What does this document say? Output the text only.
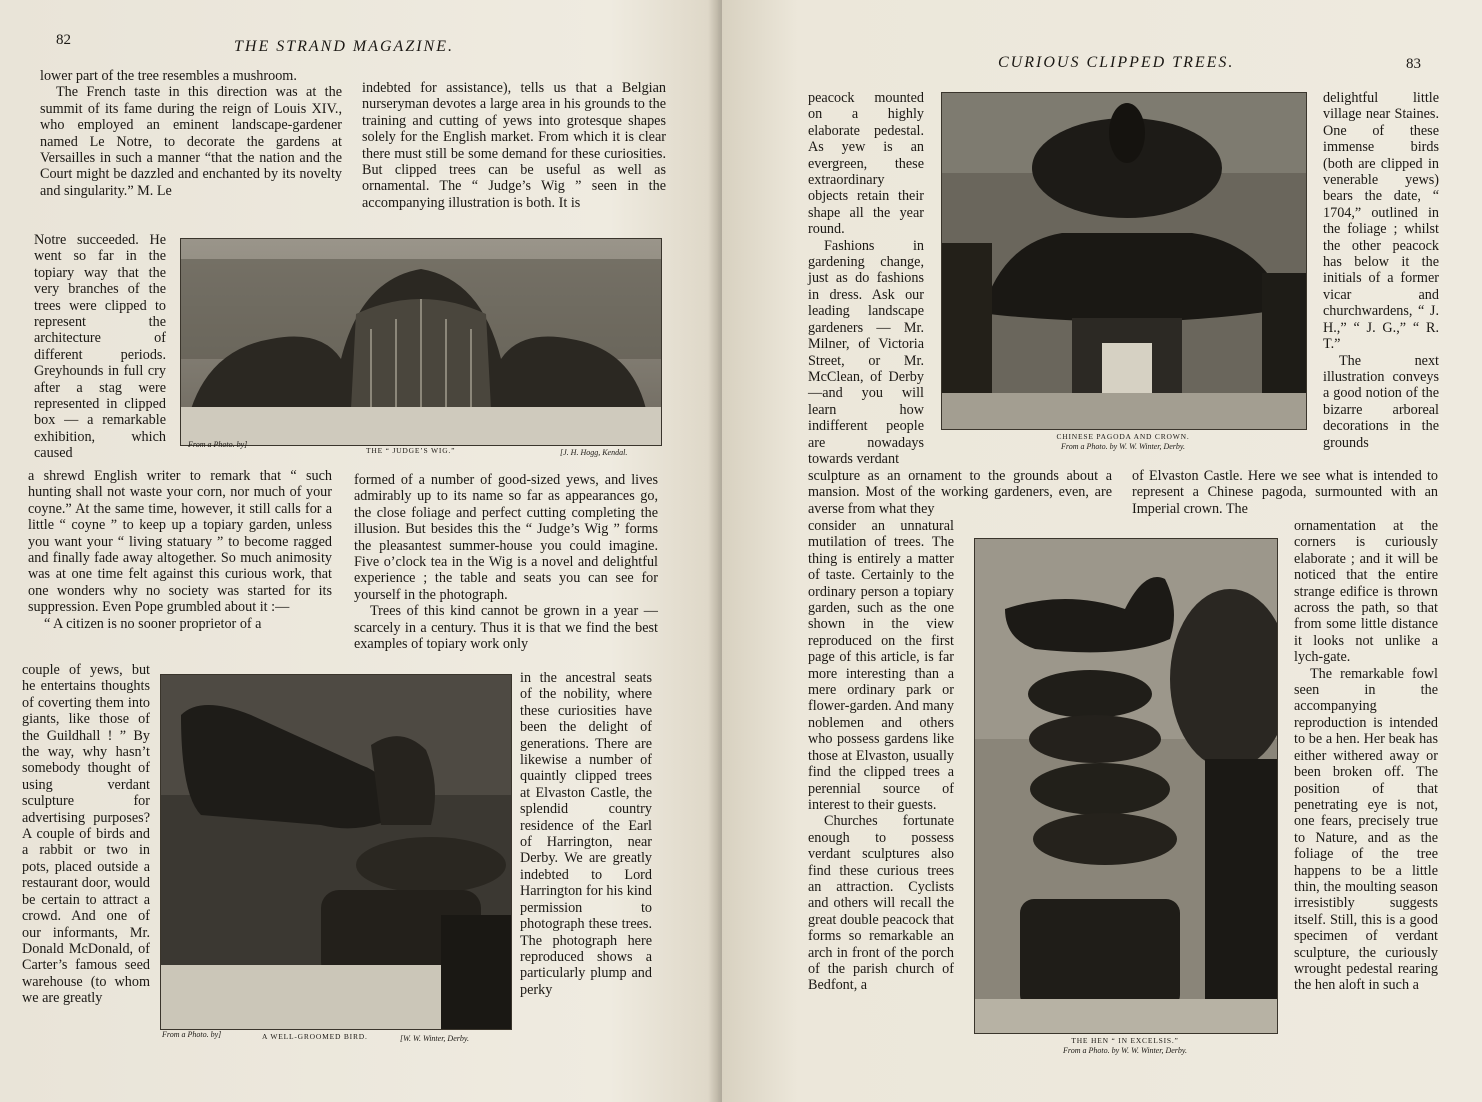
82	THE STRAND MAGAZINE.

lower part of the tree resembles a mushroom.

The French taste in this direction was at the summit of its fame during the reign of Louis XIV., who employed an eminent landscape-gardener named Le Notre, to decorate the gardens at Versailles in such a manner “that the nation and the Court might be dazzled and enchanted by its novelty and singularity.” M. Le

Notre succeeded. He went so far in the topiary way that the very branches of the trees were clipped to represent the architecture of different periods. Greyhounds in full cry after a stag were represented in clipped box — a remarkable exhibition, which caused

a shrewd English writer to remark that “ such hunting shall not waste your corn, nor much of your coyne.” At the same time, however, it still calls for a little “ coyne ” to keep up a topiary garden, unless you want your “ living statuary ” to become ragged and finally fade away altogether. So much animosity was at one time felt against this curious work, that one wonders why no society was started for its suppression. Even Pope grumbled about it :—

“ A citizen is no sooner proprietor of a

couple of yews, but he entertains thoughts of coverting them into giants, like those of the Guildhall ! ” By the way, why hasn’t somebody thought of using verdant sculpture for advertising purposes? A couple of birds and a rabbit or two in pots, placed outside a restaurant door, would be certain to attract a crowd. And one of our informants, Mr. Donald McDonald, of Carter’s famous seed warehouse (to whom we are greatly

indebted for assistance), tells us that a Belgian nurseryman devotes a large area in his grounds to the training and cutting of yews into grotesque shapes solely for the English market. From which it is clear there must still be some demand for these curiosities. But clipped trees can be useful as well as ornamental. The “ Judge’s Wig ” seen in the accompanying illustration is both. It is

formed of a number of good-sized yews, and lives admirably up to its name so far as appearances go, the close foliage and perfect cutting completing the illusion. But besides this the “ Judge’s Wig ” forms the pleasantest summer-house you could imagine. Five o’clock tea in the Wig is a novel and delightful experience ; the table and seats you can see for yourself in the photograph.

Trees of this kind cannot be grown in a year —scarcely in a century. Thus it is that we find the best examples of topiary work only

in the ancestral seats of the nobility, where these curiosities have been the delight of generations. There are likewise a number of quaintly clipped trees at Elvaston Castle, the splendid country residence of the Earl of Harrington, near Derby. We are greatly indebted to Lord Harrington for his kind permission to photograph these trees. The photograph here reproduced shows a particularly plump and perky

From a Photo. by]
THE “ JUDGE’S WIG.”	[J. H. Hogg, Kendal.
From a Photo. by]	A WELL-GROOMED BIRD.	[W. W. Winter, Derby.
CURIOUS CLIPPED TREES.	83

peacock mounted on a highly elaborate pedestal. As yew is an evergreen, these extraordinary objects retain their shape all the year round.

Fashions in gardening change, just as do fashions in dress. Ask our leading landscape gardeners — Mr. Milner, of Victoria Street, or Mr. McClean, of Derby—and you will learn how indifferent people are nowadays towards verdant

delightful little village near Staines. One of these immense birds (both are clipped in venerable yews) bears the date, “ 1704,” outlined in the foliage ; whilst the other peacock has below it the initials of a former vicar and churchwardens, “ J. H.,” “ J. G.,” “ R. T.”

The next illustration conveys a good notion of the bizarre arboreal decorations in the grounds

sculpture as an ornament to the grounds about a mansion. Most of the working gardeners, even, are averse from what they

of Elvaston Castle. Here we see what is intended to represent a Chinese pagoda, surmounted with an Imperial crown. The

consider an unnatural mutilation of trees. The thing is entirely a matter of taste. Certainly to the ordinary person a topiary garden, such as the one shown in the view reproduced on the first page of this article, is far more interesting than a mere ordinary park or flower-garden. And many noblemen and others who possess gardens like those at Elvaston, usually find the clipped trees a perennial source of interest to their guests.

Churches fortunate enough to possess verdant sculptures also find these curious trees an attraction. Cyclists and others will recall the great double peacock that forms so remarkable an arch in front of the porch of the parish church of Bedfont, a

ornamentation at the corners is curiously elaborate ; and it will be noticed that the entire strange edifice is thrown across the path, so that from some little distance it looks not unlike a lych-gate.

The remarkable fowl seen in the accompanying reproduction is intended to be a hen. Her beak has either withered away or been broken off. The position of that penetrating eye is not, one fears, precisely true to Nature, and as the foliage of the tree happens to be a little thin, the moulting season irresistibly suggests itself. Still, this is a good specimen of verdant sculpture, the curiously wrought pedestal rearing the hen aloft in such a

CHINESE PAGODA AND CROWN.
From a Photo. by W. W. Winter, Derby.
THE HEN “ IN EXCELSIS.”
From a Photo. by W. W. Winter, Derby.
